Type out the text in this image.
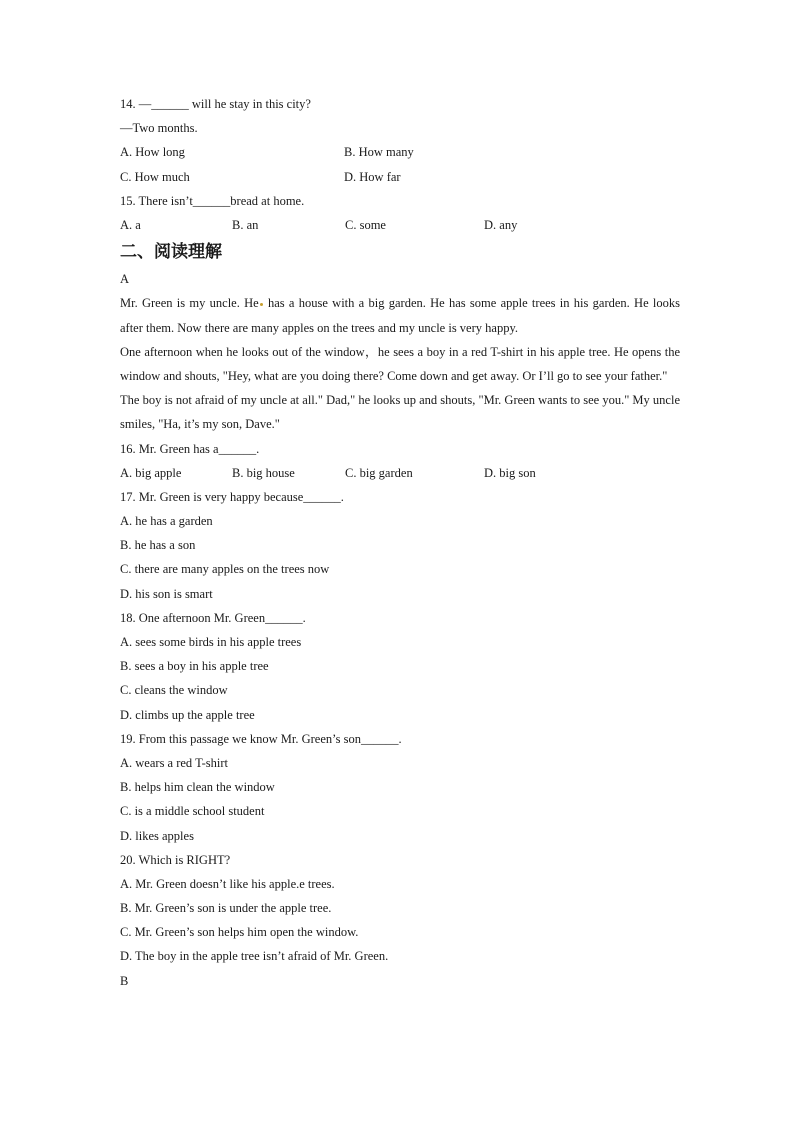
14. —______ will he stay in this city?
—Two months.
A. How long	B. How many
C. How much	D. How far
15. There isn’t______bread at home.
A. a	B. an	C. some	D. any
二、阅读理解
A
Mr. Green is my uncle. He has a house with a big garden. He has some apple trees in his garden. He looks after them. Now there are many apples on the trees and my uncle is very happy.
One afternoon when he looks out of the window，he sees a boy in a red T-shirt in his apple tree. He opens the window and shouts, "Hey, what are you doing there? Come down and get away. Or I’ll go to see your father."
The boy is not afraid of my uncle at all." Dad," he looks up and shouts, "Mr. Green wants to see you." My uncle smiles, "Ha, it’s my son, Dave."
16. Mr. Green has a______.
A. big apple	B. big house	C. big garden	D. big son
17. Mr. Green is very happy because______.
A. he has a garden
B. he has a son
C. there are many apples on the trees now
D. his son is smart
18. One afternoon Mr. Green______.
A. sees some birds in his apple trees
B. sees a boy in his apple tree
C. cleans the window
D. climbs up the apple tree
19. From this passage we know Mr. Green’s son______.
A. wears a red T-shirt
B. helps him clean the window
C. is a middle school student
D. likes apples
20. Which is RIGHT?
A. Mr. Green doesn’t like his apple.e trees.
B. Mr. Green’s son is under the apple tree.
C. Mr. Green’s son helps him open the window.
D. The boy in the apple tree isn’t afraid of Mr. Green.
B
